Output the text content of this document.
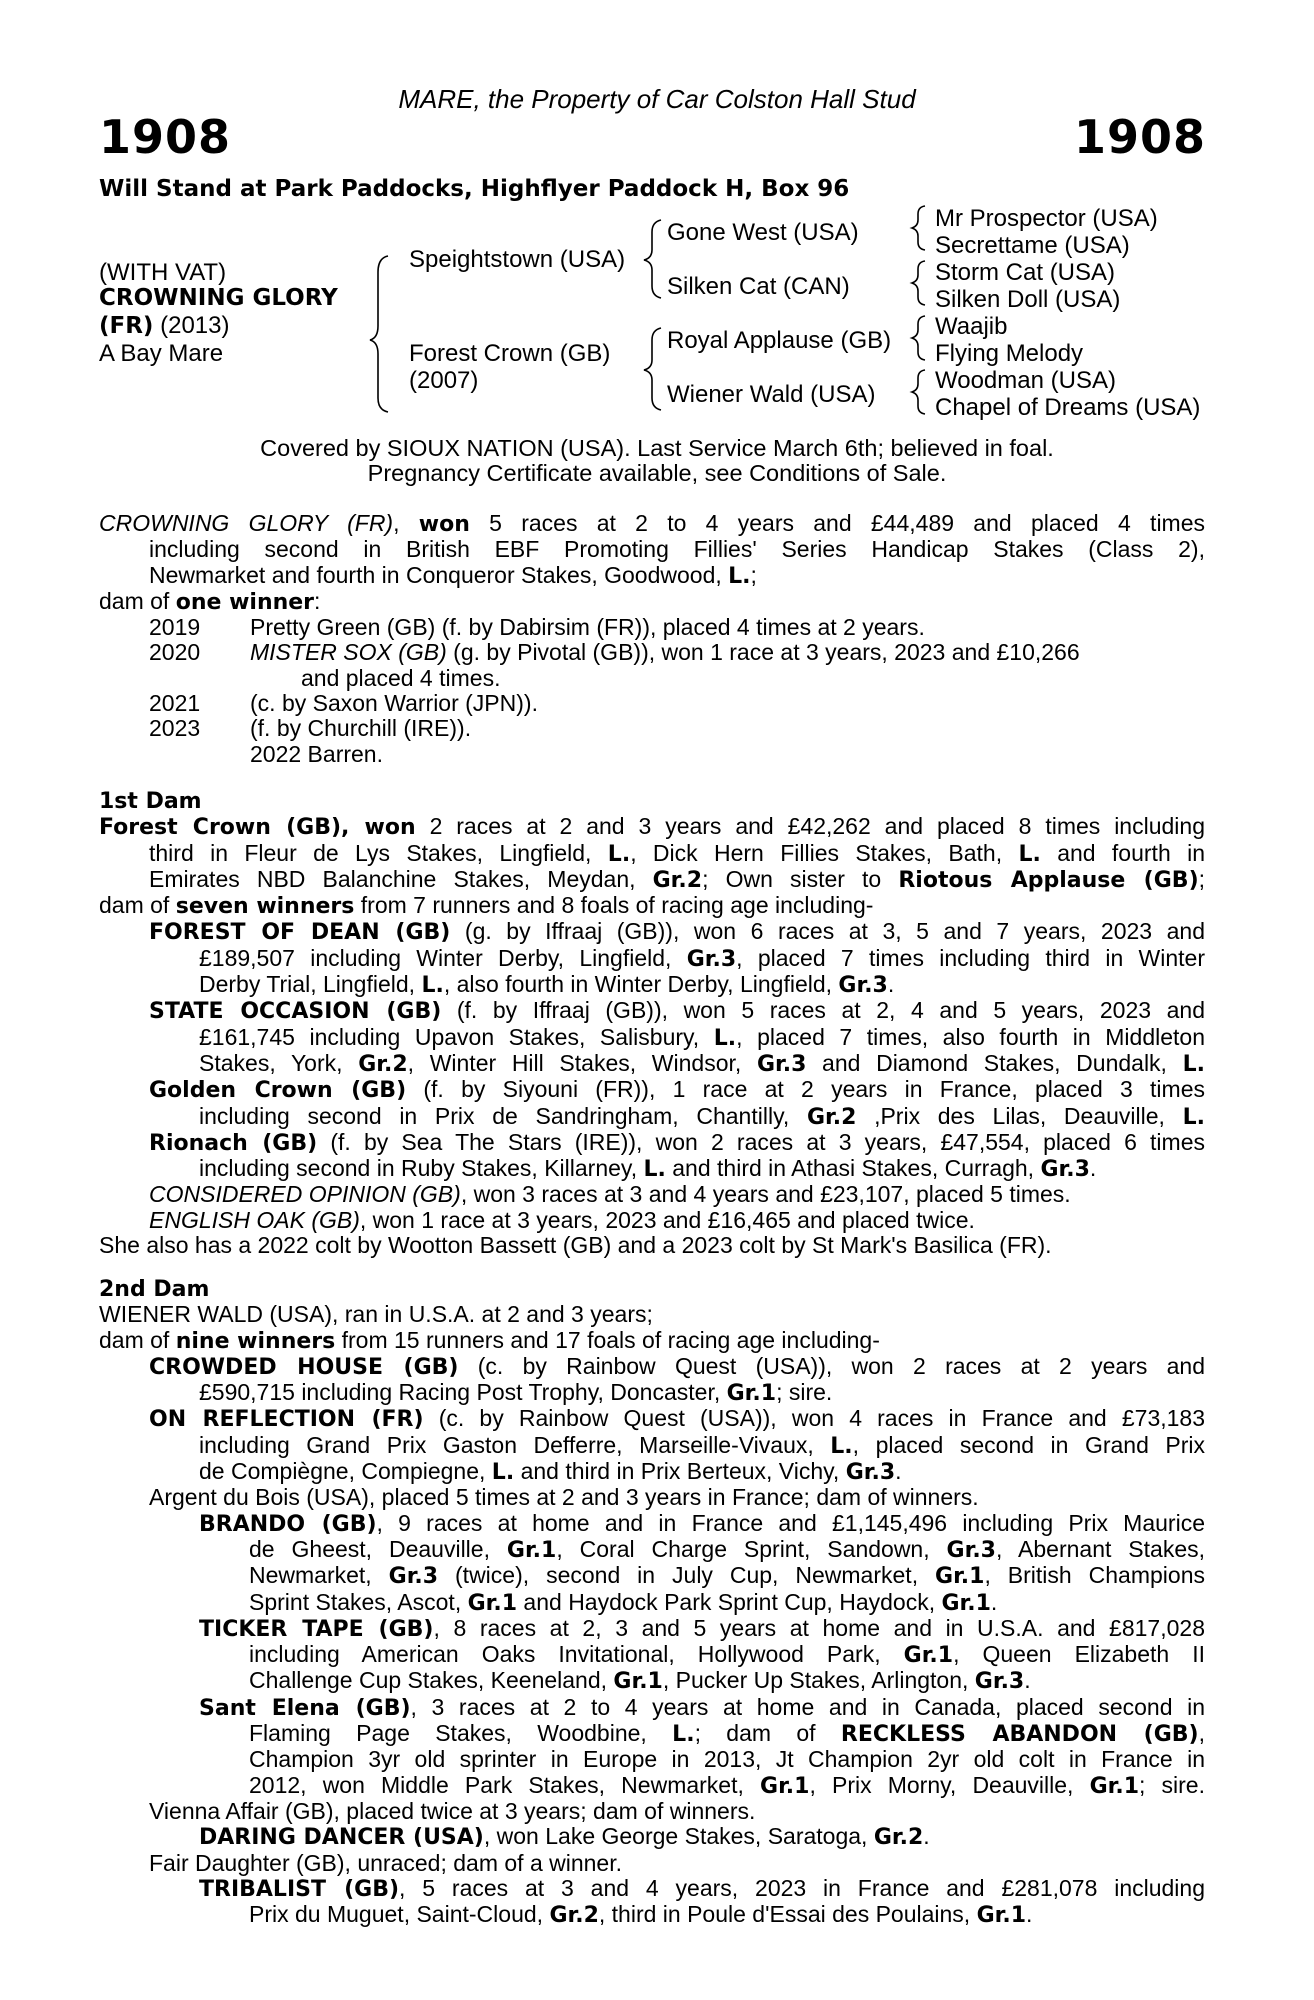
MARE, the Property of Car Colston Hall Stud
1908	1908
Will Stand at Park Paddocks, Highflyer Paddock H, Box 96
(WITH VAT)
CROWNING GLORY
(FR) (2013)
A Bay Mare
Speightstown (USA)
Forest Crown (GB)
(2007)
Gone West (USA)
Silken Cat (CAN)
Royal Applause (GB)
Wiener Wald (USA)
Mr Prospector (USA)
Secrettame (USA)
Storm Cat (USA)
Silken Doll (USA)
Waajib
Flying Melody
Woodman (USA)
Chapel of Dreams (USA)
Covered by SIOUX NATION (USA). Last Service March 6th; believed in foal.
Pregnancy Certificate available, see Conditions of Sale.

CROWNING GLORY (FR), won 5 races at 2 to 4 years and £44,489 and placed 4 times

including second in British EBF Promoting Fillies' Series Handicap Stakes (Class 2),

Newmarket and fourth in Conqueror Stakes, Goodwood, L.;

dam of one winner:

2019 Pretty Green (GB) (f. by Dabirsim (FR)), placed 4 times at 2 years.

2020 MISTER SOX (GB) (g. by Pivotal (GB)), won 1 race at 3 years, 2023 and £10,266

and placed 4 times.

2021 (c. by Saxon Warrior (JPN)).

2023 (f. by Churchill (IRE)).

2022 Barren.

1st Dam

Forest Crown (GB), won 2 races at 2 and 3 years and £42,262 and placed 8 times including

third in Fleur de Lys Stakes, Lingfield, L., Dick Hern Fillies Stakes, Bath, L. and fourth in

Emirates NBD Balanchine Stakes, Meydan, Gr.2; Own sister to Riotous Applause (GB);

dam of seven winners from 7 runners and 8 foals of racing age including-

FOREST OF DEAN (GB) (g. by Iffraaj (GB)), won 6 races at 3, 5 and 7 years, 2023 and

£189,507 including Winter Derby, Lingfield, Gr.3, placed 7 times including third in Winter

Derby Trial, Lingfield, L., also fourth in Winter Derby, Lingfield, Gr.3.

STATE OCCASION (GB) (f. by Iffraaj (GB)), won 5 races at 2, 4 and 5 years, 2023 and

£161,745 including Upavon Stakes, Salisbury, L., placed 7 times, also fourth in Middleton

Stakes, York, Gr.2, Winter Hill Stakes, Windsor, Gr.3 and Diamond Stakes, Dundalk, L.

Golden Crown (GB) (f. by Siyouni (FR)), 1 race at 2 years in France, placed 3 times

including second in Prix de Sandringham, Chantilly, Gr.2 ,Prix des Lilas, Deauville, L.

Rionach (GB) (f. by Sea The Stars (IRE)), won 2 races at 3 years, £47,554, placed 6 times

including second in Ruby Stakes, Killarney, L. and third in Athasi Stakes, Curragh, Gr.3.

CONSIDERED OPINION (GB), won 3 races at 3 and 4 years and £23,107, placed 5 times.

ENGLISH OAK (GB), won 1 race at 3 years, 2023 and £16,465 and placed twice.

She also has a 2022 colt by Wootton Bassett (GB) and a 2023 colt by St Mark's Basilica (FR).

2nd Dam

WIENER WALD (USA), ran in U.S.A. at 2 and 3 years;

dam of nine winners from 15 runners and 17 foals of racing age including-

CROWDED HOUSE (GB) (c. by Rainbow Quest (USA)), won 2 races at 2 years and

£590,715 including Racing Post Trophy, Doncaster, Gr.1; sire.

ON REFLECTION (FR) (c. by Rainbow Quest (USA)), won 4 races in France and £73,183

including Grand Prix Gaston Defferre, Marseille-Vivaux, L., placed second in Grand Prix

de Compiègne, Compiegne, L. and third in Prix Berteux, Vichy, Gr.3.

Argent du Bois (USA), placed 5 times at 2 and 3 years in France; dam of winners.

BRANDO (GB), 9 races at home and in France and £1,145,496 including Prix Maurice

de Gheest, Deauville, Gr.1, Coral Charge Sprint, Sandown, Gr.3, Abernant Stakes,

Newmarket, Gr.3 (twice), second in July Cup, Newmarket, Gr.1, British Champions

Sprint Stakes, Ascot, Gr.1 and Haydock Park Sprint Cup, Haydock, Gr.1.

TICKER TAPE (GB), 8 races at 2, 3 and 5 years at home and in U.S.A. and £817,028

including American Oaks Invitational, Hollywood Park, Gr.1, Queen Elizabeth II

Challenge Cup Stakes, Keeneland, Gr.1, Pucker Up Stakes, Arlington, Gr.3.

Sant Elena (GB), 3 races at 2 to 4 years at home and in Canada, placed second in

Flaming Page Stakes, Woodbine, L.; dam of RECKLESS ABANDON (GB),

Champion 3yr old sprinter in Europe in 2013, Jt Champion 2yr old colt in France in

2012, won Middle Park Stakes, Newmarket, Gr.1, Prix Morny, Deauville, Gr.1; sire.

Vienna Affair (GB), placed twice at 3 years; dam of winners.

DARING DANCER (USA), won Lake George Stakes, Saratoga, Gr.2.

Fair Daughter (GB), unraced; dam of a winner.

TRIBALIST (GB), 5 races at 3 and 4 years, 2023 in France and £281,078 including

Prix du Muguet, Saint-Cloud, Gr.2, third in Poule d'Essai des Poulains, Gr.1.
